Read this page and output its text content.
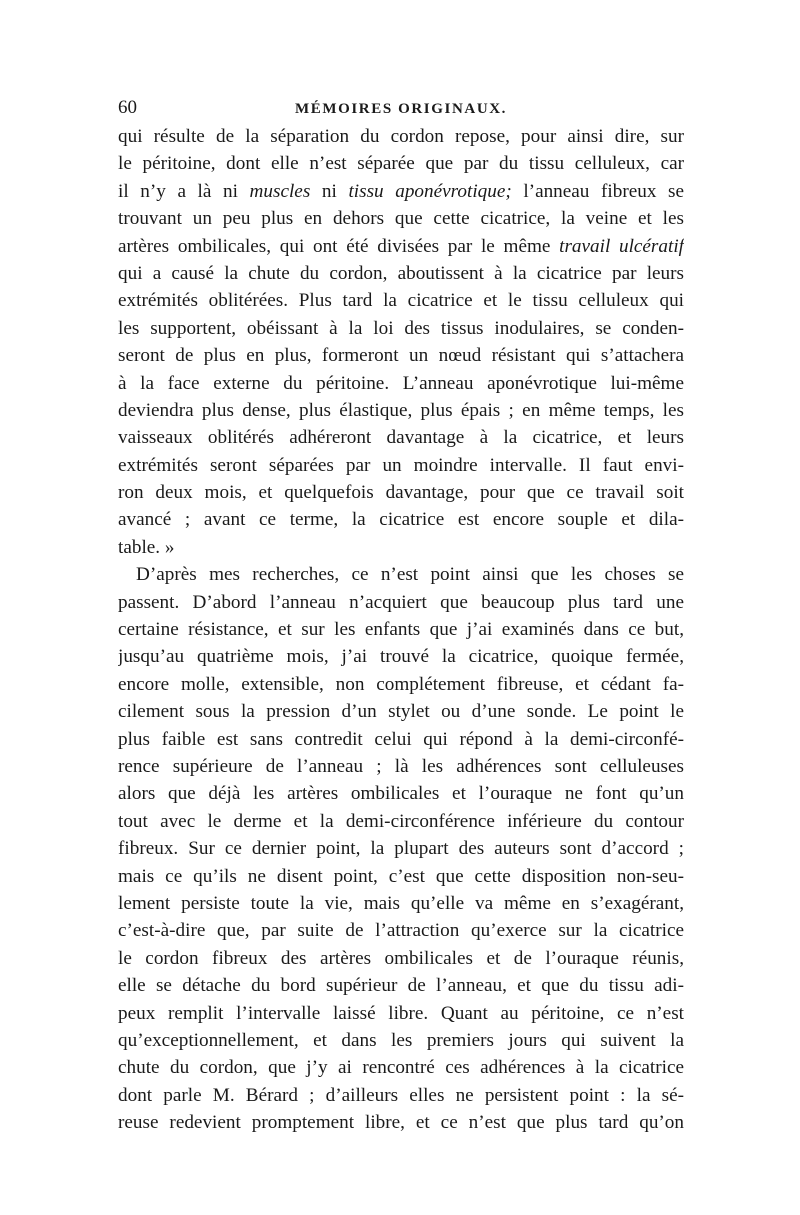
60	MÉMOIRES ORIGINAUX.
qui résulte de la séparation du cordon repose, pour ainsi dire, sur
le péritoine, dont elle n’est séparée que par du tissu celluleux, car
il n’y a là ni muscles ni tissu aponévrotique; l’anneau fibreux se
trouvant un peu plus en dehors que cette cicatrice, la veine et les
artères ombilicales, qui ont été divisées par le même travail ulcératif
qui a causé la chute du cordon, aboutissent à la cicatrice par leurs
extrémités oblitérées. Plus tard la cicatrice et le tissu celluleux qui
les supportent, obéissant à la loi des tissus inodulaires, se conden-
seront de plus en plus, formeront un nœud résistant qui s’attachera
à la face externe du péritoine. L’anneau aponévrotique lui-même
deviendra plus dense, plus élastique, plus épais ; en même temps, les
vaisseaux oblitérés adhéreront davantage à la cicatrice, et leurs
extrémités seront séparées par un moindre intervalle. Il faut envi-
ron deux mois, et quelquefois davantage, pour que ce travail soit
avancé ; avant ce terme, la cicatrice est encore souple et dila-
table. »
D’après mes recherches, ce n’est point ainsi que les choses se
passent. D’abord l’anneau n’acquiert que beaucoup plus tard une
certaine résistance, et sur les enfants que j’ai examinés dans ce but,
jusqu’au quatrième mois, j’ai trouvé la cicatrice, quoique fermée,
encore molle, extensible, non complétement fibreuse, et cédant fa-
cilement sous la pression d’un stylet ou d’une sonde. Le point le
plus faible est sans contredit celui qui répond à la demi-circonfé-
rence supérieure de l’anneau ; là les adhérences sont celluleuses
alors que déjà les artères ombilicales et l’ouraque ne font qu’un
tout avec le derme et la demi-circonférence inférieure du contour
fibreux. Sur ce dernier point, la plupart des auteurs sont d’accord ;
mais ce qu’ils ne disent point, c’est que cette disposition non-seu-
lement persiste toute la vie, mais qu’elle va même en s’exagérant,
c’est-à-dire que, par suite de l’attraction qu’exerce sur la cicatrice
le cordon fibreux des artères ombilicales et de l’ouraque réunis,
elle se détache du bord supérieur de l’anneau, et que du tissu adi-
peux remplit l’intervalle laissé libre. Quant au péritoine, ce n’est
qu’exceptionnellement, et dans les premiers jours qui suivent la
chute du cordon, que j’y ai rencontré ces adhérences à la cicatrice
dont parle M. Bérard ; d’ailleurs elles ne persistent point : la sé-
reuse redevient promptement libre, et ce n’est que plus tard qu’on
